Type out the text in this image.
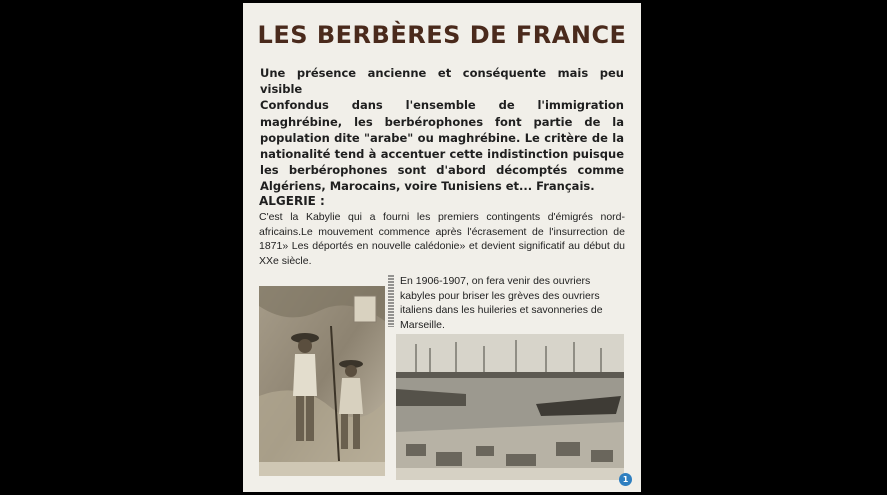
LES BERBÈRES DE FRANCE

Une présence ancienne et conséquente mais peu visible

Confondus dans l'ensemble de l'immigration maghrébine, les berbérophones font partie de la population dite "arabe" ou maghrébine. Le critère de la nationalité tend à accentuer cette indistinction puisque les berbérophones sont d'abord décomptés comme Algériens, Marocains, voire Tunisiens et... Français.

ALGERIE :
C'est la Kabylie qui a fourni les premiers contingents d'émigrés nord-africains.Le mouvement commence après l'écrasement de l'insurrection de 1871» Les déportés en nouvelle calédonie» et devient significatif au début du XXe siècle.
En 1906-1907, on fera venir des ouvriers kabyles pour briser les grèves des ouvriers italiens dans les huileries et savonneries de Marseille.
1
